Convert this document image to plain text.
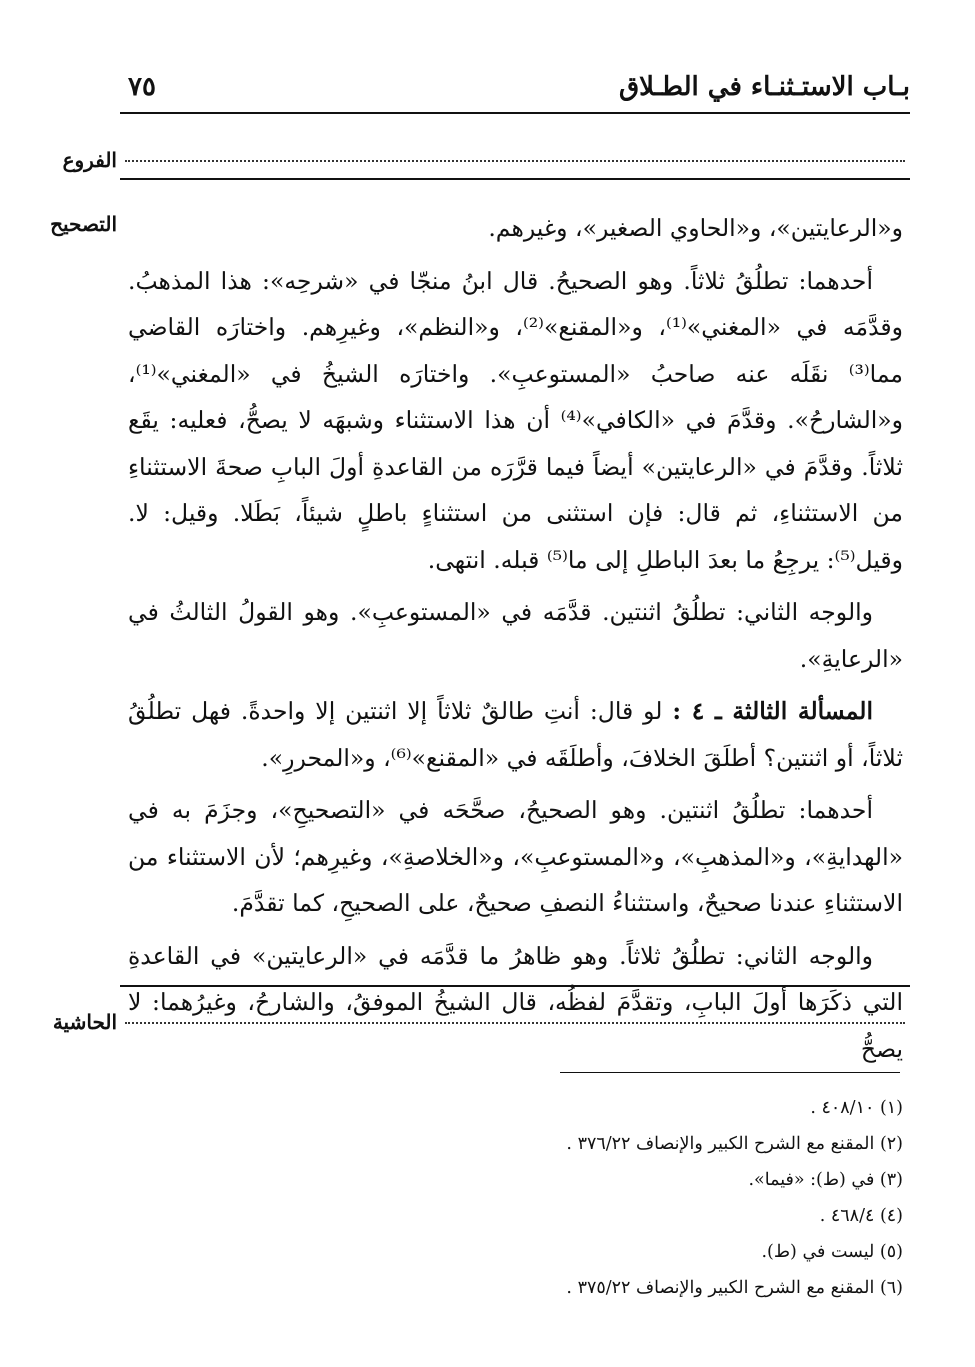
بـاب الاستـثنـاء في الطـلاق
٧٥
الفروع
التصحيح	و«الرعايتين»، و«الحاوي الصغير»، وغيرهم.

أحدهما: تطلُقُ ثلاثاً. وهو الصحيحُ. قال ابنُ منجّا في «شرحِه»: هذا المذهبُ. وقدَّمَه في «المغني»⁽¹⁾، و«المقنع»⁽²⁾، و«النظم»، وغيرِهم. واختارَه القاضي مما⁽³⁾ نقَلَه عنه صاحبُ «المستوعبِ». واختارَه الشيخُ في «المغني»⁽¹⁾، و«الشارحُ». وقدَّمَ في «الكافي»⁽⁴⁾ أن هذا الاستثناء وشبهَه لا يصحُّ، فعليه: يقَع ثلاثاً. وقدَّمَ في «الرعايتين» أيضاً فيما قرَّرَه من القاعدةِ أولَ البابِ صحةَ الاستثناءِ من الاستثناءِ، ثم قال: فإن استثنى من استثناءٍ باطلٍ شيئاً، بَطَلا. وقيل: لا. وقيل⁽⁵⁾: يرجِعُ ما بعدَ الباطلِ إلى ما⁽⁵⁾ قبله. انتهى.

والوجه الثاني: تطلُقُ اثنتين. قدَّمَه في «المستوعبِ». وهو القولُ الثالثُ في «الرعايةِ».

المسألة الثالثة ـ ٤ : لو قال: أنتِ طالقٌ ثلاثاً إلا اثنتين إلا واحدةً. فهل تطلُقُ ثلاثاً، أو اثنتين؟ أطلَقَ الخلافَ، وأطلَقَه في «المقنع»⁽⁶⁾، و«المحررِ».

أحدهما: تطلُقُ اثنتين. وهو الصحيحُ، صحَّحَه في «التصحيحِ»، وجزَمَ به في «الهدايةِ»، و«المذهبِ»، و«المستوعبِ»، و«الخلاصةِ»، وغيرِهم؛ لأن الاستثناء من الاستثناءِ عندنا صحيحٌ، واستثناءُ النصفِ صحيحٌ، على الصحيحِ، كما تقدَّمَ.

والوجه الثاني: تطلُقُ ثلاثاً. وهو ظاهرُ ما قدَّمَه في «الرعايتين» في القاعدةِ التي ذكَرَها أولَ البابِ، وتقدَّمَ لفظُه، قال الشيخُ الموفقُ، والشارحُ، وغيرُهما: لا يصحُّ

الحاشية
(١) ٤٠٨/١٠ .
(٢) المقنع مع الشرح الكبير والإنصاف ٣٧٦/٢٢ .
(٣) في (ط): «فيما».
(٤) ٤٦٨/٤ .
(٥) ليست في (ط).
(٦) المقنع مع الشرح الكبير والإنصاف ٣٧٥/٢٢ .
